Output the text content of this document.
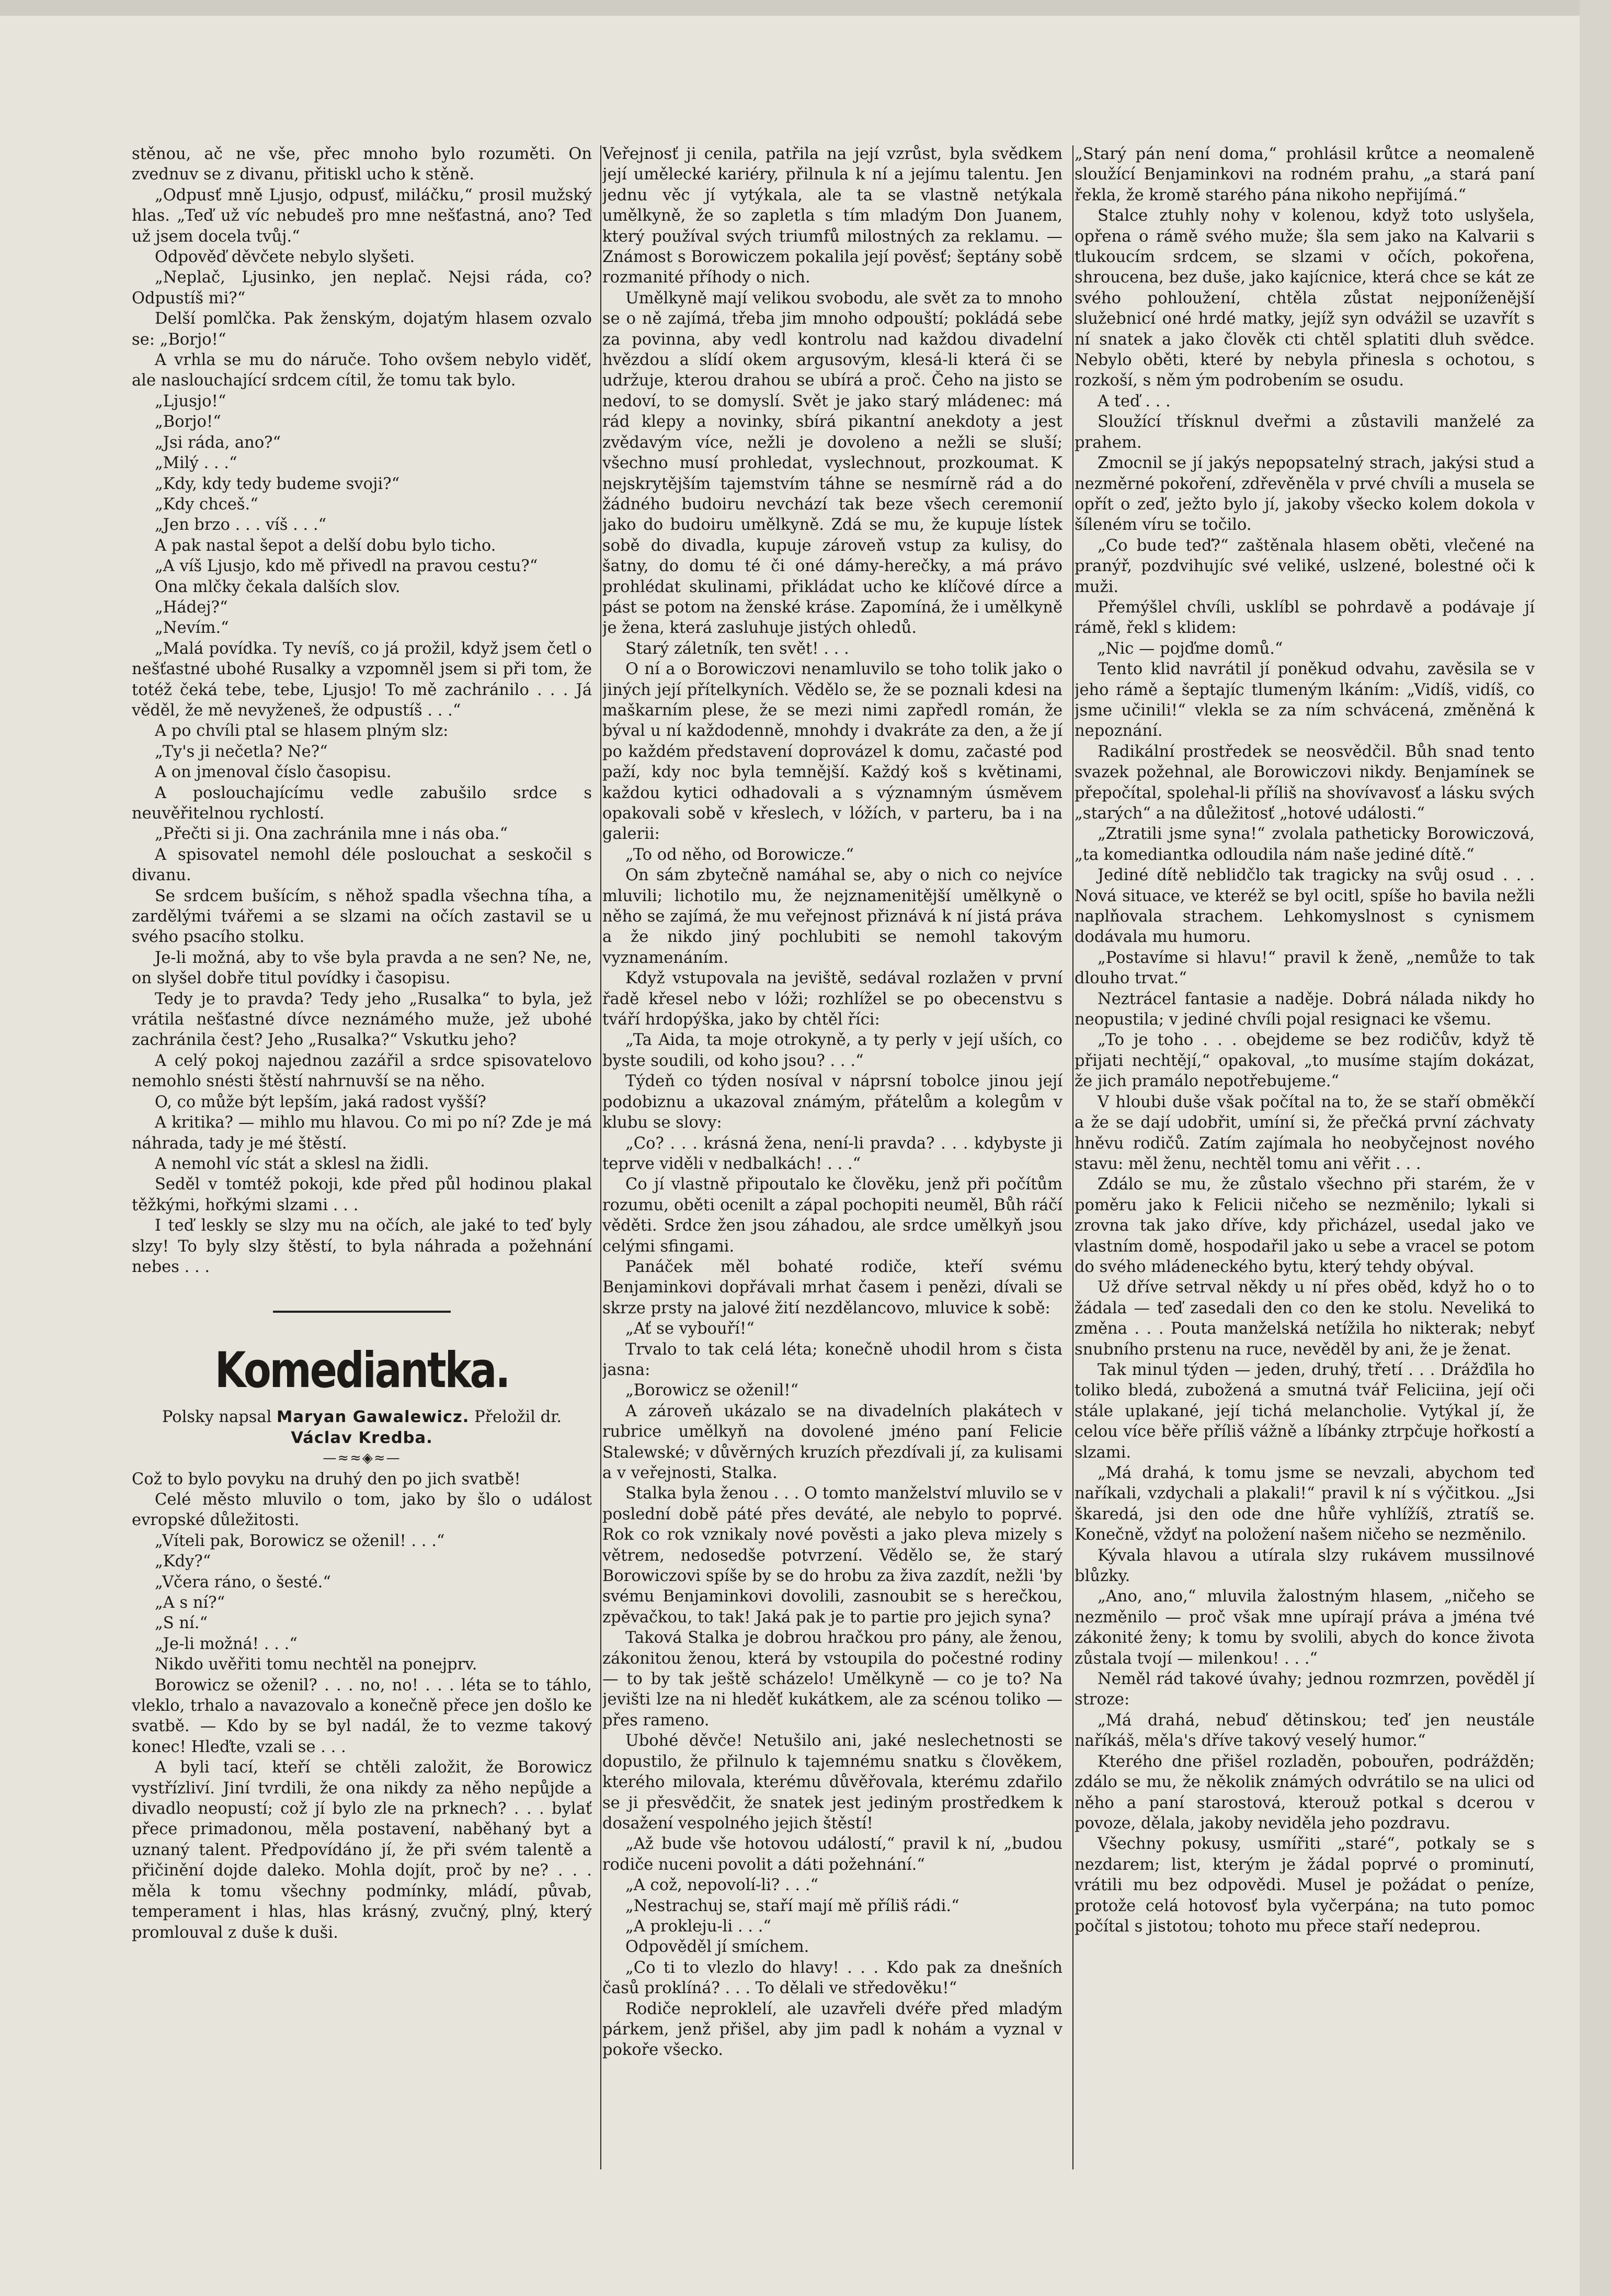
stěnou, ač ne vše, přec mnoho bylo rozuměti. On zvednuv se z divanu, přitiskl ucho k stěně.

„Odpusť mně Ljusjo, odpusť, miláčku,“ prosil mužský hlas. „Teď už víc nebudeš pro mne nešťastná, ano? Teď už jsem docela tvůj.“

Odpověď děvčete nebylo slyšeti.

„Neplač, Ljusinko, jen neplač. Nejsi ráda, co? Odpustíš mi?“

Delší pomlčka. Pak ženským, dojatým hlasem ozvalo se: „Borjo!“

A vrhla se mu do náruče. Toho ovšem nebylo viděť, ale naslouchající srdcem cítil, že tomu tak bylo.

„Ljusjo!“

„Borjo!“

„Jsi ráda, ano?“

„Milý . . .“

„Kdy, kdy tedy budeme svoji?“

„Kdy chceš.“

„Jen brzo . . . víš . . .“

A pak nastal šepot a delší dobu bylo ticho.

„A víš Ljusjo, kdo mě přivedl na pravou cestu?“

Ona mlčky čekala dalších slov.

„Hádej?“

„Nevím.“

„Malá povídka. Ty nevíš, co já prožil, když jsem četl o nešťastné ubohé Rusalky a vzpomněl jsem si při tom, že totéž čeká tebe, tebe, Ljusjo! To mě zachránilo . . . Já věděl, že mě nevyženeš, že odpustíš . . .“

A po chvíli ptal se hlasem plným slz:

„Ty's ji nečetla? Ne?“

A on jmenoval číslo časopisu.

A poslouchajícímu vedle zabušilo srdce s neuvěřitelnou rychlostí.

„Přečti si ji. Ona zachránila mne i nás oba.“

A spisovatel nemohl déle poslouchat a seskočil s divanu.

Se srdcem bušícím, s něhož spadla všechna tíha, a zardělými tvářemi a se slzami na očích zastavil se u svého psacího stolku.

Je-li možná, aby to vše byla pravda a ne sen? Ne, ne, on slyšel dobře titul povídky i časopisu.

Tedy je to pravda? Tedy jeho „Rusalka“ to byla, jež vrátila nešťastné dívce neznámého muže, jež ubohé zachránila čest? Jeho „Rusalka?“ Vskutku jeho?

A celý pokoj najednou zazářil a srdce spisovatelovo nemohlo snésti štěstí nahrnuvší se na něho.

O, co může být lepším, jaká radost vyšší?

A kritika? — mihlo mu hlavou. Co mi po ní? Zde je má náhrada, tady je mé štěstí.

A nemohl víc stát a sklesl na židli.

Seděl v tomtéž pokoji, kde před půl hodinou plakal těžkými, hořkými slzami . . .

I teď leskly se slzy mu na očích, ale jaké to teď byly slzy! To byly slzy štěstí, to byla náhrada a požehnání nebes . . .

Komediantka.

Polsky napsal Maryan Gawalewicz. Přeložil dr. Václav Kredba.

—≈≈◈≈—

Což to bylo povyku na druhý den po jich svatbě!

Celé město mluvilo o tom, jako by šlo o událost evropské důležitosti.

„Víteli pak, Borowicz se oženil! . . .“

„Kdy?“

„Včera ráno, o šesté.“

„A s ní?“

„S ní.“

„Je-li možná! . . .“

Nikdo uvěřiti tomu nechtěl na ponejprv.

Borowicz se oženil? . . . no, no! . . . léta se to táhlo, vleklo, trhalo a navazovalo a konečně přece jen došlo ke svatbě. — Kdo by se byl nadál, že to vezme takový konec! Hleďte, vzali se . . .

A byli tací, kteří se chtěli založit, že Borowicz vystřízliví. Jiní tvrdili, že ona nikdy za něho nepůjde a divadlo neopustí; což jí bylo zle na prknech? . . . bylať přece primadonou, měla postavení, naběhaný byt a uznaný talent. Předpovídáno jí, že při svém talentě a přičinění dojde daleko. Mohla dojít, proč by ne? . . . měla k tomu všechny podmínky, mládí, půvab, temperament i hlas, hlas krásný, zvučný, plný, který promlouval z duše k duši.

Veřejnosť ji cenila, patřila na její vzrůst, byla svědkem její umělecké kariéry, přilnula k ní a jejímu talentu. Jen jednu věc jí vytýkala, ale ta se vlastně netýkala umělkyně, že so zapletla s tím mladým Don Juanem, který používal svých triumfů milostných za reklamu. — Známost s Borowiczem pokalila její pověsť; šeptány sobě rozmanité příhody o nich.

Umělkyně mají velikou svobodu, ale svět za to mnoho se o ně zajímá, třeba jim mnoho odpouští; pokládá sebe za povinna, aby vedl kontrolu nad každou divadelní hvězdou a slídí okem argusovým, klesá-li která či se udržuje, kterou drahou se ubírá a proč. Čeho na jisto se nedoví, to se domyslí. Svět je jako starý mládenec: má rád klepy a novinky, sbírá pikantní anekdoty a jest zvědavým více, nežli je dovoleno a nežli se sluší; všechno musí prohledat, vyslechnout, prozkoumat. K nejskrytějším tajemstvím táhne se nesmírně rád a do žádného budoiru nevchází tak beze všech ceremonií jako do budoiru umělkyně. Zdá se mu, že kupuje lístek sobě do divadla, kupuje zároveň vstup za kulisy, do šatny, do domu té či oné dámy-herečky, a má právo prohlédat skulinami, přikládat ucho ke klíčové dírce a pást se potom na ženské kráse. Zapomíná, že i umělkyně je žena, která zasluhuje jistých ohledů.

Starý záletník, ten svět! . . .

O ní a o Borowiczovi nenamluvilo se toho tolik jako o jiných její přítelkyních. Vědělo se, že se poznali kdesi na maškarním plese, že se mezi nimi zapředl román, že býval u ní každodenně, mnohdy i dvakráte za den, a že jí po každém představení doprovázel k domu, začasté pod paží, kdy noc byla temnější. Každý koš s květinami, každou kytici odhadovali a s významným úsměvem opakovali sobě v křeslech, v lóžích, v parteru, ba i na galerii:

„To od něho, od Borowicze.“

On sám zbytečně namáhal se, aby o nich co nejvíce mluvili; lichotilo mu, že nejznamenitější umělkyně o něho se zajímá, že mu veřejnost přiznává k ní jistá práva a že nikdo jiný pochlubiti se nemohl takovým vyznamenáním.

Když vstupovala na jeviště, sedával rozlažen v první řadě křesel nebo v lóži; rozhlížel se po obecenstvu s tváří hrdopýška, jako by chtěl říci:

„Ta Aida, ta moje otrokyně, a ty perly v její uších, co byste soudili, od koho jsou? . . .“

Týdeň co týden nosíval v náprsní tobolce jinou její podobiznu a ukazoval známým, přátelům a kolegům v klubu se slovy:

„Co? . . . krásná žena, není-li pravda? . . . kdybyste ji teprve viděli v nedbalkách! . . .“

Co jí vlastně připoutalo ke člověku, jenž při počítům rozumu, oběti ocenilt a zápal pochopiti neuměl, Bůh ráčí věděti. Srdce žen jsou záhadou, ale srdce umělkyň jsou celými sfingami.

Panáček měl bohaté rodiče, kteří svému Benjaminkovi dopřávali mrhat časem i penězi, dívali se skrze prsty na jalové žití nezdělancovo, mluvice k sobě:

„Ať se vybouří!“

Trvalo to tak celá léta; konečně uhodil hrom s čista jasna:

„Borowicz se oženil!“

A zároveň ukázalo se na divadelních plakátech v rubrice umělkyň na dovolené jméno paní Felicie Stalewské; v důvěrných kruzích přezdívali jí, za kulisami a v veřejnosti, Stalka.

Stalka byla ženou . . . O tomto manželství mluvilo se v poslední době páté přes deváté, ale nebylo to poprvé. Rok co rok vznikaly nové pověsti a jako pleva mizely s větrem, nedosedše potvrzení. Vědělo se, že starý Borowiczovi spíše by se do hrobu za živa zazdít, nežli 'by svému Benjaminkovi dovolili, zasnoubit se s herečkou, zpěvačkou, to tak! Jaká pak je to partie pro jejich syna?

Taková Stalka je dobrou hračkou pro pány, ale ženou, zákonitou ženou, která by vstoupila do počestné rodiny — to by tak ještě scházelo! Umělkyně — co je to? Na jevišti lze na ni hleděť kukátkem, ale za scénou toliko — přes rameno.

Ubohé děvče! Netušilo ani, jaké neslechetnosti se dopustilo, že přilnulo k tajemnému snatku s člověkem, kterého milovala, kterému důvěřovala, kterému zdařilo se ji přesvědčit, že snatek jest jediným prostředkem k dosažení vespolného jejich štěstí!

„Až bude vše hotovou událostí,“ pravil k ní, „budou rodiče nuceni povolit a dáti požehnání.“

„A což, nepovolí-li? . . .“

„Nestrachuj se, staří mají mě příliš rádi.“

„A prokleju-li . . .“

Odpověděl jí smíchem.

„Co ti to vlezlo do hlavy! . . . Kdo pak za dnešních časů proklíná? . . . To dělali ve středověku!“

Rodiče neproklelí, ale uzavřeli dvéře před mladým párkem, jenž přišel, aby jim padl k nohám a vyznal v pokoře všecko.

„Starý pán není doma,“ prohlásil krůtce a neomaleně sloužící Benjaminkovi na rodném prahu, „a stará paní řekla, že kromě starého pána nikoho nepřijímá.“

Stalce ztuhly nohy v kolenou, když toto uslyšela, opřena o rámě svého muže; šla sem jako na Kalvarii s tlukoucím srdcem, se slzami v očích, pokořena, shroucena, bez duše, jako kajícnice, která chce se kát ze svého pohloužení, chtěla zůstat nejponíženější služebnicí oné hrdé matky, jejíž syn odvážil se uzavřít s ní snatek a jako člověk cti chtěl splatiti dluh svědce. Nebylo oběti, které by nebyla přinesla s ochotou, s rozkoší, s něm ým podrobením se osudu.

A teď . . .

Sloužící třísknul dveřmi a zůstavili manželé za prahem.

Zmocnil se jí jakýs nepopsatelný strach, jakýsi stud a nezměrné pokoření, zdřevěněla v prvé chvíli a musela se opřít o zeď, ježto bylo jí, jakoby všecko kolem dokola v šíleném víru se točilo.

„Co bude teď?“ zaštěnala hlasem oběti, vlečené na pranýř, pozdvihujíc své veliké, uslzené, bolestné oči k muži.

Přemýšlel chvíli, usklíbl se pohrdavě a podávaje jí rámě, řekl s klidem:

„Nic — pojďme domů.“

Tento klid navrátil jí poněkud odvahu, zavěsila se v jeho rámě a šeptajíc tlumeným lkáním: „Vidíš, vidíš, co jsme učinili!“ vlekla se za ním schvácená, změněná k nepoznání.

Radikální prostředek se neosvědčil. Bůh snad tento svazek požehnal, ale Borowiczovi nikdy. Benjamínek se přepočítal, spolehal-li příliš na shovívavosť a lásku svých „starých“ a na důležitosť „hotové události.“

„Ztratili jsme syna!“ zvolala patheticky Borowiczová, „ta komediantka odloudila nám naše jediné dítě.“

Jediné dítě neblidčlo tak tragicky na svůj osud . . . Nová situace, ve kteréž se byl ocitl, spíše ho bavila nežli naplňovala strachem. Lehkomyslnost s cynismem dodávala mu humoru.

„Postavíme si hlavu!“ pravil k ženě, „nemůže to tak dlouho trvat.“

Neztrácel fantasie a naděje. Dobrá nálada nikdy ho neopustila; v jediné chvíli pojal resignaci ke všemu.

„To je toho . . . obejdeme se bez rodičův, když tě přijati nechtějí,“ opakoval, „to musíme stajím dokázat, že jich pramálo nepotřebujeme.“

V hloubi duše však počítal na to, že se staří obměkčí a že se dají udobřit, umíní si, že přečká první záchvaty hněvu rodičů. Zatím zajímala ho neobyčejnost nového stavu: měl ženu, nechtěl tomu ani věřit . . .

Zdálo se mu, že zůstalo všechno při starém, že v poměru jako k Felicii ničeho se nezměnilo; lykali si zrovna tak jako dříve, kdy přicházel, usedal jako ve vlastním domě, hospodařil jako u sebe a vracel se potom do svého mládeneckého bytu, který tehdy obýval.

Už dříve setrval někdy u ní přes oběd, když ho o to žádala — teď zasedali den co den ke stolu. Neveliká to změna . . . Pouta manželská netížila ho nikterak; nebyť snubního prstenu na ruce, nevěděl by ani, že je ženat.

Tak minul týden — jeden, druhý, třetí . . . Drážďila ho toliko bledá, zubožená a smutná tvář Feliciina, její oči stále uplakané, její tichá melancholie. Vytýkal jí, že celou více běře příliš vážně a líbánky ztrpčuje hořkostí a slzami.

„Má drahá, k tomu jsme se nevzali, abychom teď naříkali, vzdychali a plakali!“ pravil k ní s výčitkou. „Jsi škaredá, jsi den ode dne hůře vyhlížíš, ztratíš se. Konečně, vždyť na položení našem ničeho se nezměnilo.

Kývala hlavou a utírala slzy rukávem mussilnové blůzky.

„Ano, ano,“ mluvila žalostným hlasem, „ničeho se nezměnilo — proč však mne upírají práva a jména tvé zákonité ženy; k tomu by svolili, abych do konce života zůstala tvojí — milenkou! . . .“

Neměl rád takové úvahy; jednou rozmrzen, pověděl jí stroze:

„Má drahá, nebuď dětinskou; teď jen neustále naříkáš, měla's dříve takový veselý humor.“

Kterého dne přišel rozladěn, pobouřen, podrážděn; zdálo se mu, že několik známých odvrátilo se na ulici od něho a paní starostová, kterouž potkal s dcerou v povoze, dělala, jakoby neviděla jeho pozdravu.

Všechny pokusy, usmířiti „staré“, potkaly se s nezdarem; list, kterým je žádal poprvé o prominutí, vrátili mu bez odpovědi. Musel je požádat o peníze, protože celá hotovosť byla vyčerpána; na tuto pomoc počítal s jistotou; tohoto mu přece staří nedeprou.
